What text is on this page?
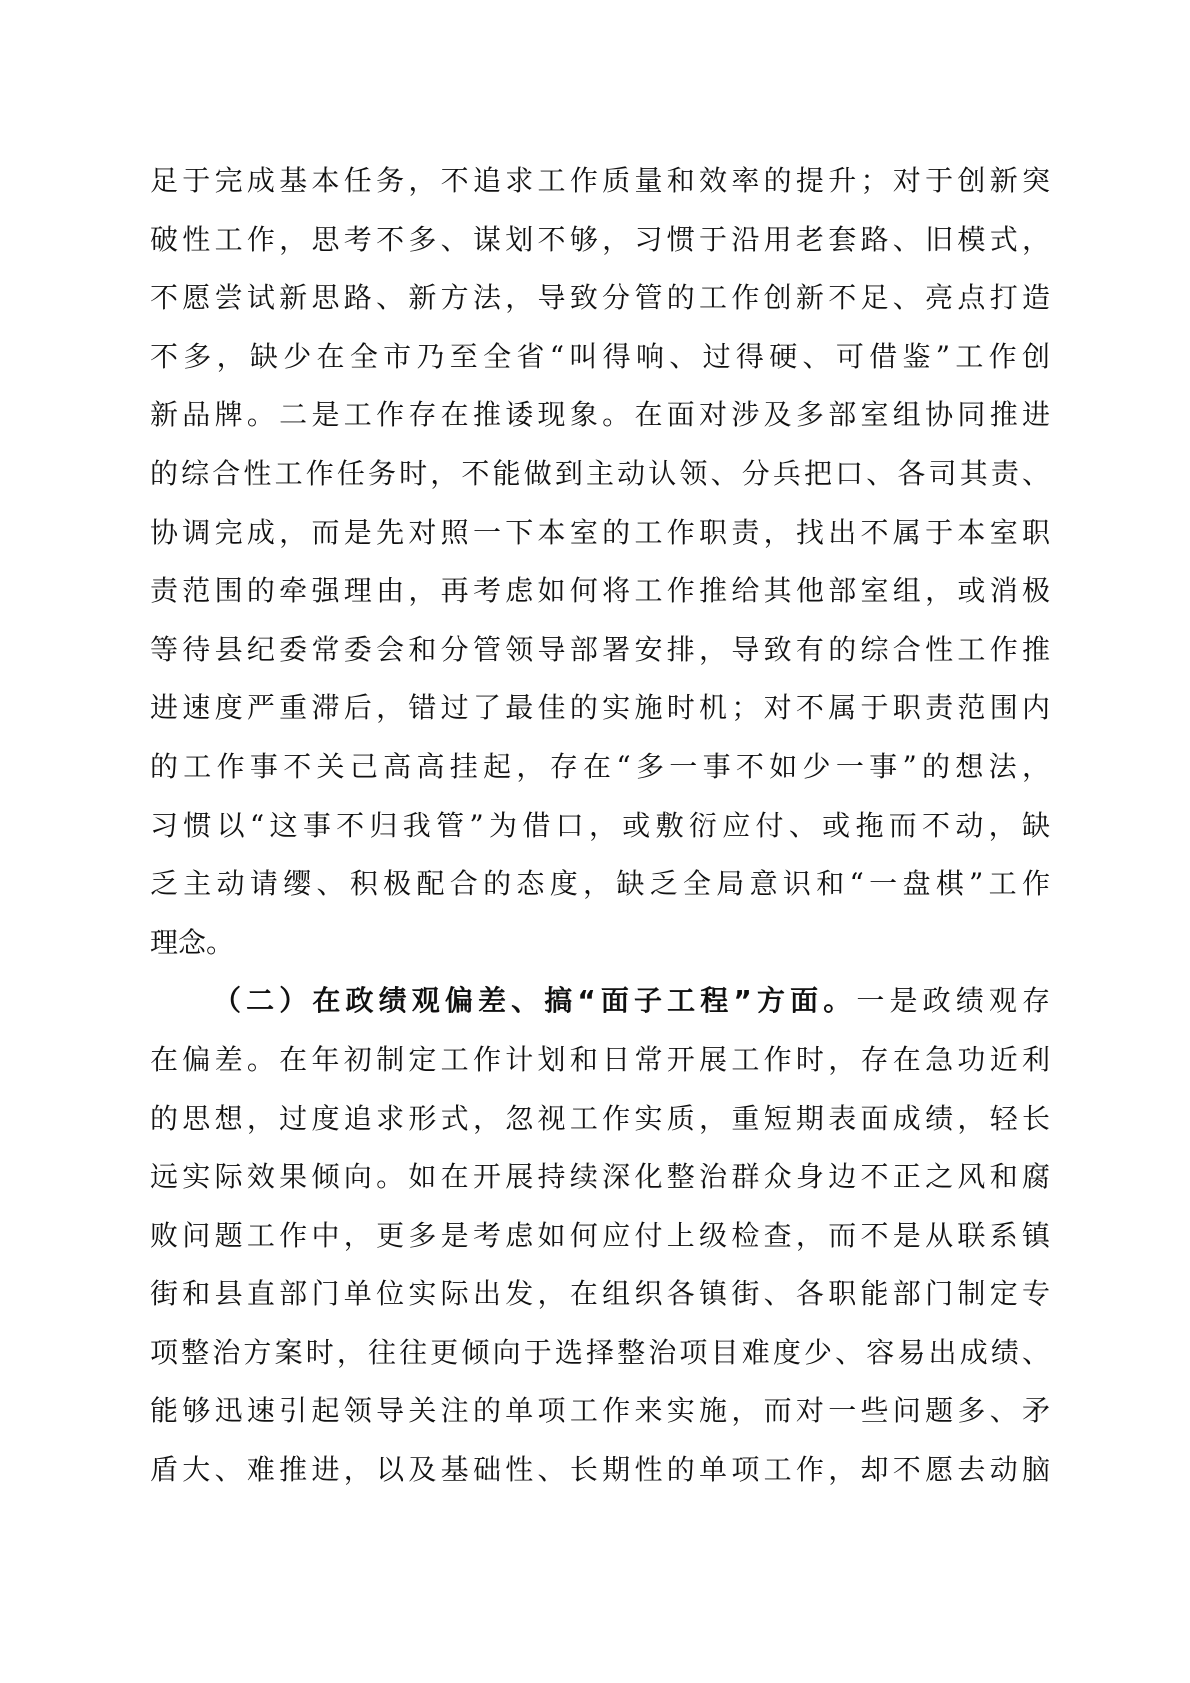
足于完成基本任务，不追求工作质量和效率的提升；对于创新突
破性工作，思考不多、谋划不够，习惯于沿用老套路、旧模式，
不愿尝试新思路、新方法，导致分管的工作创新不足、亮点打造
不多，缺少在全市乃至全省“叫得响、过得硬、可借鉴”工作创
新品牌。二是工作存在推诿现象。在面对涉及多部室组协同推进
的综合性工作任务时，不能做到主动认领、分兵把口、各司其责、
协调完成，而是先对照一下本室的工作职责，找出不属于本室职
责范围的牵强理由，再考虑如何将工作推给其他部室组，或消极
等待县纪委常委会和分管领导部署安排，导致有的综合性工作推
进速度严重滞后，错过了最佳的实施时机；对不属于职责范围内
的工作事不关己高高挂起，存在“多一事不如少一事”的想法，
习惯以“这事不归我管”为借口，或敷衍应付、或拖而不动，缺
乏主动请缨、积极配合的态度，缺乏全局意识和“一盘棋”工作
理念。
（二）在政绩观偏差、搞“面子工程”方面。一是政绩观存
在偏差。在年初制定工作计划和日常开展工作时，存在急功近利
的思想，过度追求形式，忽视工作实质，重短期表面成绩，轻长
远实际效果倾向。如在开展持续深化整治群众身边不正之风和腐
败问题工作中，更多是考虑如何应付上级检查，而不是从联系镇
街和县直部门单位实际出发，在组织各镇街、各职能部门制定专
项整治方案时，往往更倾向于选择整治项目难度少、容易出成绩、
能够迅速引起领导关注的单项工作来实施，而对一些问题多、矛
盾大、难推进，以及基础性、长期性的单项工作，却不愿去动脑
